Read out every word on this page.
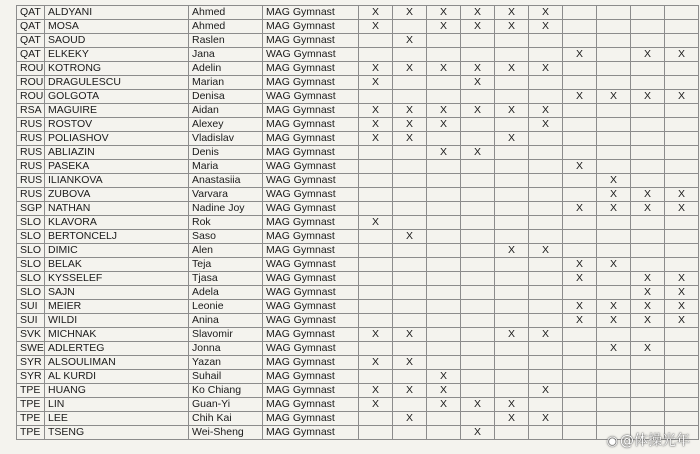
QAT	ALDYANI	Ahmed	MAG Gymnast	X	X	X	X	X	X				
QAT	MOSA	Ahmed	MAG Gymnast	X		X	X	X	X				
QAT	SAOUD	Raslen	MAG Gymnast		X								
QAT	ELKEKY	Jana	WAG Gymnast							X		X	X
ROU	KOTRONG	Adelin	MAG Gymnast	X	X	X	X	X	X				
ROU	DRAGULESCU	Marian	MAG Gymnast	X			X						
ROU	GOLGOTA	Denisa	WAG Gymnast							X	X	X	X
RSA	MAGUIRE	Aidan	MAG Gymnast	X	X	X	X	X	X				
RUS	ROSTOV	Alexey	MAG Gymnast	X	X	X			X				
RUS	POLIASHOV	Vladislav	MAG Gymnast	X	X			X					
RUS	ABLIAZIN	Denis	MAG Gymnast			X	X						
RUS	PASEKA	Maria	WAG Gymnast							X			
RUS	ILIANKOVA	Anastasiia	WAG Gymnast								X		
RUS	ZUBOVA	Varvara	WAG Gymnast								X	X	X
SGP	NATHAN	Nadine Joy	WAG Gymnast							X	X	X	X
SLO	KLAVORA	Rok	MAG Gymnast	X									
SLO	BERTONCELJ	Saso	MAG Gymnast		X								
SLO	DIMIC	Alen	MAG Gymnast					X	X				
SLO	BELAK	Teja	WAG Gymnast							X	X		
SLO	KYSSELEF	Tjasa	WAG Gymnast							X		X	X
SLO	SAJN	Adela	WAG Gymnast									X	X
SUI	MEIER	Leonie	WAG Gymnast							X	X	X	X
SUI	WILDI	Anina	WAG Gymnast							X	X	X	X
SVK	MICHNAK	Slavomir	MAG Gymnast	X	X			X	X				
SWE	ADLERTEG	Jonna	WAG Gymnast								X	X	
SYR	ALSOULIMAN	Yazan	MAG Gymnast	X	X								
SYR	AL KURDI	Suhail	MAG Gymnast			X							
TPE	HUANG	Ko Chiang	MAG Gymnast	X	X	X			X				
TPE	LIN	Guan-Yi	MAG Gymnast	X		X	X	X					
TPE	LEE	Chih Kai	MAG Gymnast		X			X	X				
TPE	TSENG	Wei-Sheng	MAG Gymnast				X						
◉ @体操光年
